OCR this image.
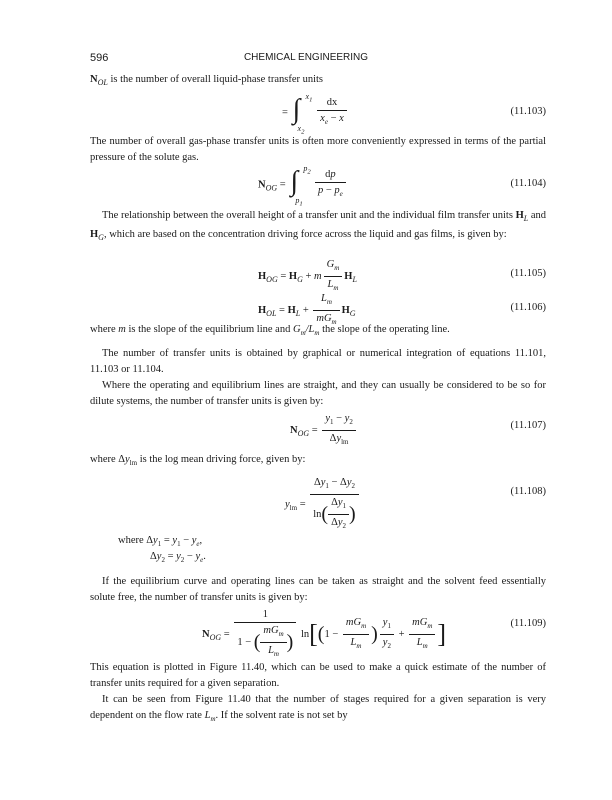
596	CHEMICAL ENGINEERING
$N_{OL}$ is the number of overall liquid-phase transfer units
= ∫ $x_1$
$x_2$

$\frac{dx}{x_e - x}$	(11.103)
The number of overall gas-phase transfer units is often more conveniently expressed in terms of the partial pressure of the solute gas.
$N_{OG}$ = ∫ $p_2$
$p_1$

$\frac{dp}{p - p_e}$	(11.104)
The relationship between the overall height of a transfer unit and the individual film transfer units $H_L$ and $H_G$, which are based on the concentration driving force across the liquid and gas films, is given by:
$H_{OG} = H_G + m \frac{G_m}{L_m} H_L$
(11.105)
$H_{OL} = H_L + \frac{L_m}{mG_m} H_G$
(11.106)
where m is the slope of the equilibrium line and $G_m/L_m$ the slope of the operating line.
The number of transfer units is obtained by graphical or numerical integration of equations 11.101, 11.103 or 11.104.
Where the operating and equilibrium lines are straight, and they can usually be considered to be so for dilute systems, the number of transfer units is given by:
$N_{OG} = \frac{y_1 - y_2}{\Delta y_{lm}}$	(11.107)
where $\Delta y_{lm}$ is the log mean driving force, given by:
$y_{lm} = \frac{\Delta y_1 - \Delta y_2}{\ln( \frac{\Delta y_1}{\Delta y_2} )}$	(11.108)
where $\Delta y_1 = y_1 - y_e$,
$\Delta y_2 = y_2 - y_e$.
If the equilibrium curve and operating lines can be taken as straight and the solvent feed essentially solute free, the number of transfer units is given by:
$N_{OG} = \frac{1}{1 - ( \frac{mG_m}{L_m} )} \ln[(1 - \frac{mG_m}{L_m}$ ) $\frac{y_1}{y_2} + \frac{mG_m}{L_m}$ ]	(11.109)
This equation is plotted in Figure 11.40, which can be used to make a quick estimate of the number of transfer units required for a given separation.
It can be seen from Figure 11.40 that the number of stages required for a given separation is very dependent on the flow rate $L_m$. If the solvent rate is not set by
